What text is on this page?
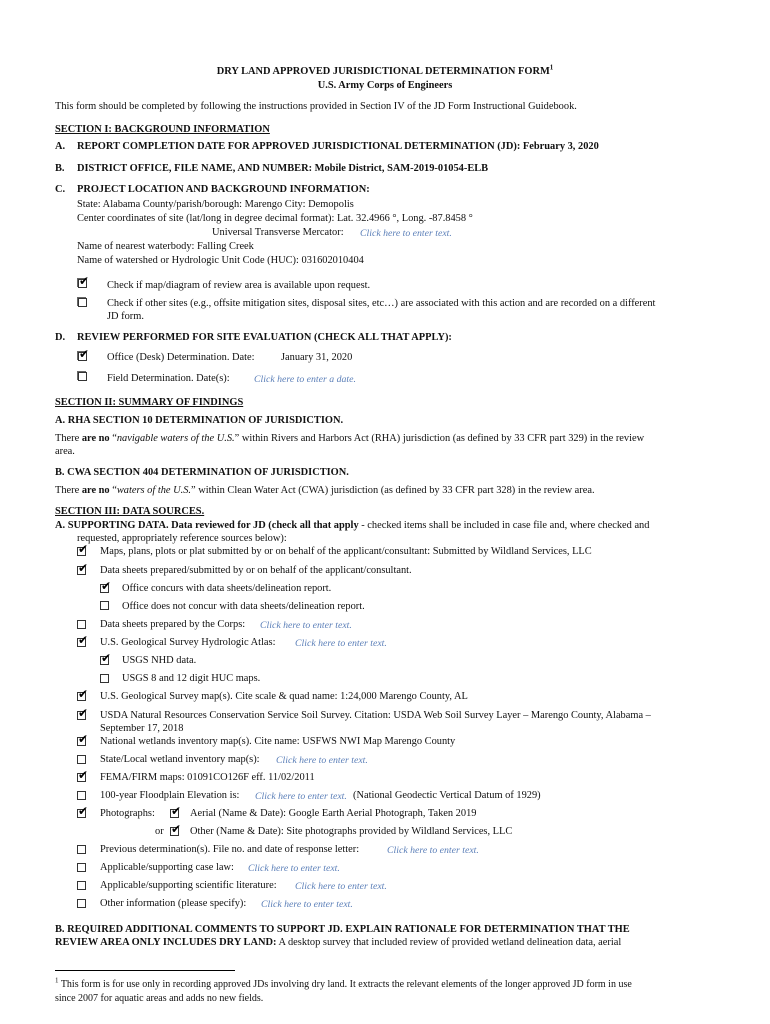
DRY LAND APPROVED JURISDICTIONAL DETERMINATION FORM$^1$
U.S. Army Corps of Engineers
This form should be completed by following the instructions provided in Section IV of the JD Form Instructional Guidebook.
SECTION I: BACKGROUND INFORMATION
A. REPORT COMPLETION DATE FOR APPROVED JURISDICTIONAL DETERMINATION (JD): February 3, 2020
B. DISTRICT OFFICE, FILE NAME, AND NUMBER: Mobile District, SAM-2019-01054-ELB
C. PROJECT LOCATION AND BACKGROUND INFORMATION:
State: Alabama County/parish/borough: Marengo City: Demopolis
Center coordinates of site (lat/long in degree decimal format): Lat. 32.4966 °, Long. -87.8458 °
Universal Transverse Mercator: Click here to enter text.
Name of nearest waterbody: Falling Creek
Name of watershed or Hydrologic Unit Code (HUC): 031602010404
✔ Check if map/diagram of review area is available upon request.
Check if other sites (e.g., offsite mitigation sites, disposal sites, etc…) are associated with this action and are recorded on a different
JD form.
D. REVIEW PERFORMED FOR SITE EVALUATION (CHECK ALL THAT APPLY):
✔ Office (Desk) Determination. Date:	January 31, 2020
Field Determination. Date(s): Click here to enter a date.
SECTION II: SUMMARY OF FINDINGS
A. RHA SECTION 10 DETERMINATION OF JURISDICTION.
There are no “navigable waters of the U.S.” within Rivers and Harbors Act (RHA) jurisdiction (as defined by 33 CFR part 329) in the review
area.
B. CWA SECTION 404 DETERMINATION OF JURISDICTION.
There are no “waters of the U.S.” within Clean Water Act (CWA) jurisdiction (as defined by 33 CFR part 328) in the review area.
SECTION III: DATA SOURCES.
A. SUPPORTING DATA. Data reviewed for JD (check all that apply - checked items shall be included in case file and, where checked and
requested, appropriately reference sources below):
✔ Maps, plans, plots or plat submitted by or on behalf of the applicant/consultant: Submitted by Wildland Services, LLC
✔ Data sheets prepared/submitted by or on behalf of the applicant/consultant.
✔ Office concurs with data sheets/delineation report.
Office does not concur with data sheets/delineation report.
Data sheets prepared by the Corps: Click here to enter text.
✔ U.S. Geological Survey Hydrologic Atlas: Click here to enter text.
✔ USGS NHD data.
USGS 8 and 12 digit HUC maps.
✔ U.S. Geological Survey map(s). Cite scale & quad name: 1:24,000 Marengo County, AL
✔ USDA Natural Resources Conservation Service Soil Survey. Citation: USDA Web Soil Survey Layer – Marengo County, Alabama –
September 17, 2018
✔ National wetlands inventory map(s). Cite name: USFWS NWI Map Marengo County
State/Local wetland inventory map(s): Click here to enter text.
✔ FEMA/FIRM maps: 01091CO126F eff. 11/02/2011
100-year Floodplain Elevation is: Click here to enter text. (National Geodectic Vertical Datum of 1929)
✔ Photographs: ✔ Aerial (Name & Date): Google Earth Aerial Photograph, Taken 2019
or ✔ Other (Name & Date): Site photographs provided by Wildland Services, LLC
Previous determination(s). File no. and date of response letter:	Click here to enter text.
Applicable/supporting case law: Click here to enter text.
Applicable/supporting scientific literature: Click here to enter text.
Other information (please specify): Click here to enter text.
B. REQUIRED ADDITIONAL COMMENTS TO SUPPORT JD. EXPLAIN RATIONALE FOR DETERMINATION THAT THE
REVIEW AREA ONLY INCLUDES DRY LAND: A desktop survey that included review of provided wetland delineation data, aerial
$^1$ This form is for use only in recording approved JDs involving dry land. It extracts the relevant elements of the longer approved JD form in use
since 2007 for aquatic areas and adds no new fields.
